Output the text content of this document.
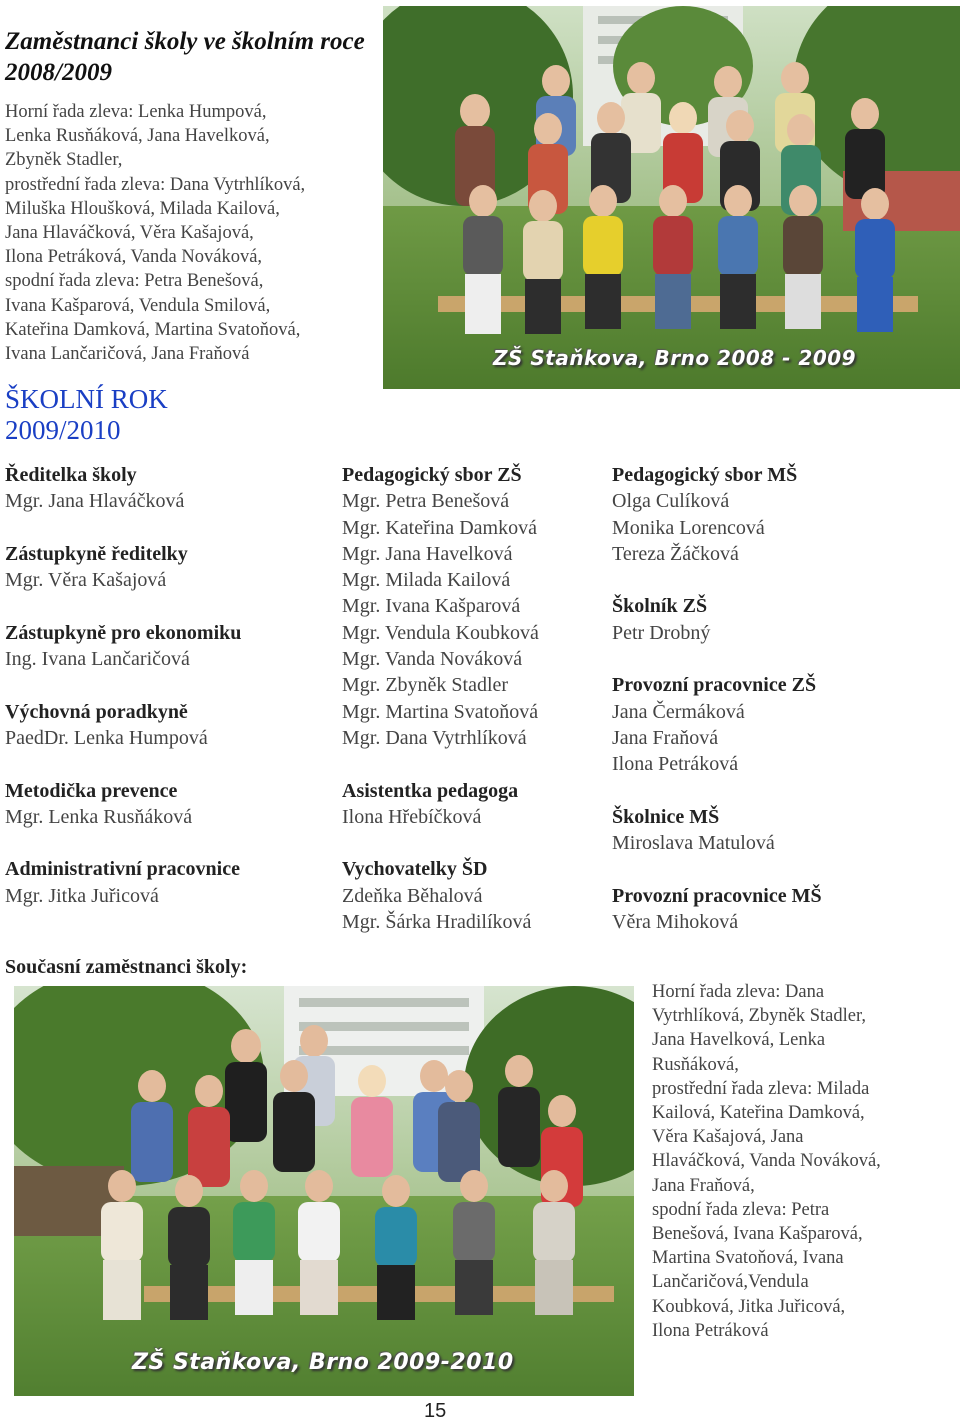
Zaměstnanci školy ve školním roce 2008/2009
Horní řada zleva: Lenka Humpová,
Lenka Rusňáková, Jana Havelková,
Zbyněk Stadler,
prostřední řada zleva: Dana Vytrhlíková,
Miluška Hloušková, Milada Kailová,
Jana Hlaváčková, Věra Kašajová,
Ilona Petráková, Vanda Nováková,
spodní řada zleva: Petra Benešová,
Ivana Kašparová, Vendula Smilová,
Kateřina Damková, Martina Svatoňová,
Ivana Lančaričová, Jana Fraňová	ZŠ Staňkova, Brno 2008 - 2009
ŠKOLNÍ ROK
2009/2010
Ředitelka školy
Mgr. Jana Hlaváčková
Zástupkyně ředitelky
Mgr. Věra Kašajová
Zástupkyně pro ekonomiku
Ing. Ivana Lančaričová
Výchovná poradkyně
PaedDr. Lenka Humpová
Metodička prevence
Mgr. Lenka Rusňáková
Administrativní pracovnice
Mgr. Jitka Juřicová
Pedagogický sbor ZŠ
Mgr. Petra Benešová
Mgr. Kateřina Damková
Mgr. Jana Havelková
Mgr. Milada Kailová
Mgr. Ivana Kašparová
Mgr. Vendula Koubková
Mgr. Vanda Nováková
Mgr. Zbyněk Stadler
Mgr. Martina Svatoňová
Mgr. Dana Vytrhlíková
Asistentka pedagoga
Ilona Hřebíčková
Vychovatelky ŠD
Zdeňka Běhalová
Mgr. Šárka Hradilíková
Pedagogický sbor MŠ
Olga Culíková
Monika Lorencová
Tereza Žáčková
Školník ZŠ
Petr Drobný
Provozní pracovnice ZŠ
Jana Čermáková
Jana Fraňová
Ilona Petráková
Školnice MŠ
Miroslava Matulová
Provozní pracovnice MŠ
Věra Mihoková
Současní zaměstnanci školy:
ZŠ Staňkova, Brno 2009-2010
Horní řada zleva: Dana
Vytrhlíková, Zbyněk Stadler,
Jana Havelková, Lenka
Rusňáková,
prostřední řada zleva: Milada
Kailová, Kateřina Damková,
Věra Kašajová, Jana
Hlaváčková, Vanda Nováková,
Jana Fraňová,
spodní řada zleva: Petra
Benešová, Ivana Kašparová,
Martina Svatoňová, Ivana
Lančaričová,Vendula
Koubková, Jitka Juřicová,
Ilona Petráková
15
